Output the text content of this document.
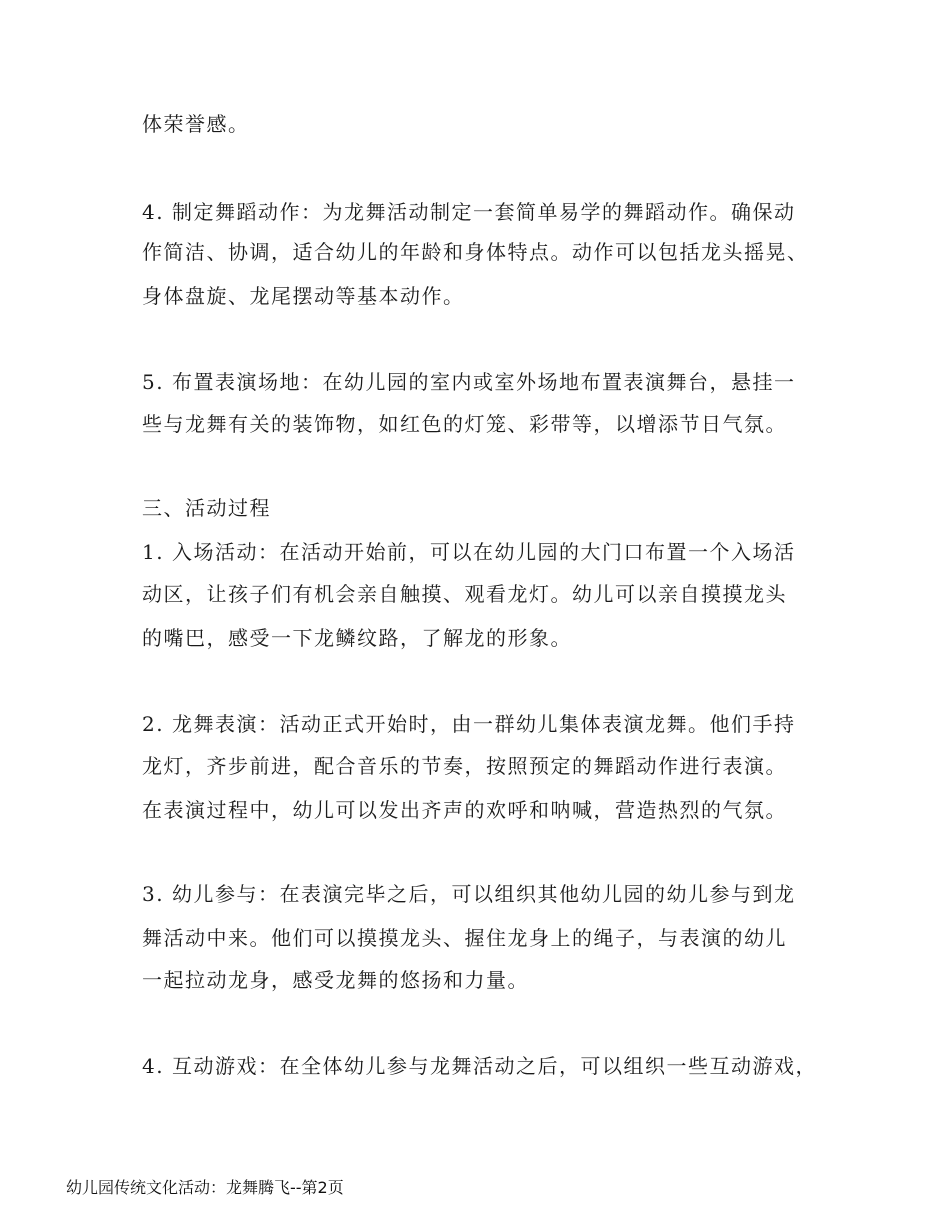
体荣誉感。
4. 制定舞蹈动作：为龙舞活动制定一套简单易学的舞蹈动作。确保动
作简洁、协调，适合幼儿的年龄和身体特点。动作可以包括龙头摇晃、
身体盘旋、龙尾摆动等基本动作。
5. 布置表演场地：在幼儿园的室内或室外场地布置表演舞台，悬挂一
些与龙舞有关的装饰物，如红色的灯笼、彩带等，以增添节日气氛。
三、活动过程
1. 入场活动：在活动开始前，可以在幼儿园的大门口布置一个入场活
动区，让孩子们有机会亲自触摸、观看龙灯。幼儿可以亲自摸摸龙头
的嘴巴，感受一下龙鳞纹路，了解龙的形象。
2. 龙舞表演：活动正式开始时，由一群幼儿集体表演龙舞。他们手持
龙灯，齐步前进，配合音乐的节奏，按照预定的舞蹈动作进行表演。
在表演过程中，幼儿可以发出齐声的欢呼和呐喊，营造热烈的气氛。
3. 幼儿参与：在表演完毕之后，可以组织其他幼儿园的幼儿参与到龙
舞活动中来。他们可以摸摸龙头、握住龙身上的绳子，与表演的幼儿
一起拉动龙身，感受龙舞的悠扬和力量。
4. 互动游戏：在全体幼儿参与龙舞活动之后，可以组织一些互动游戏，
幼儿园传统文化活动：龙舞腾飞--第2页
